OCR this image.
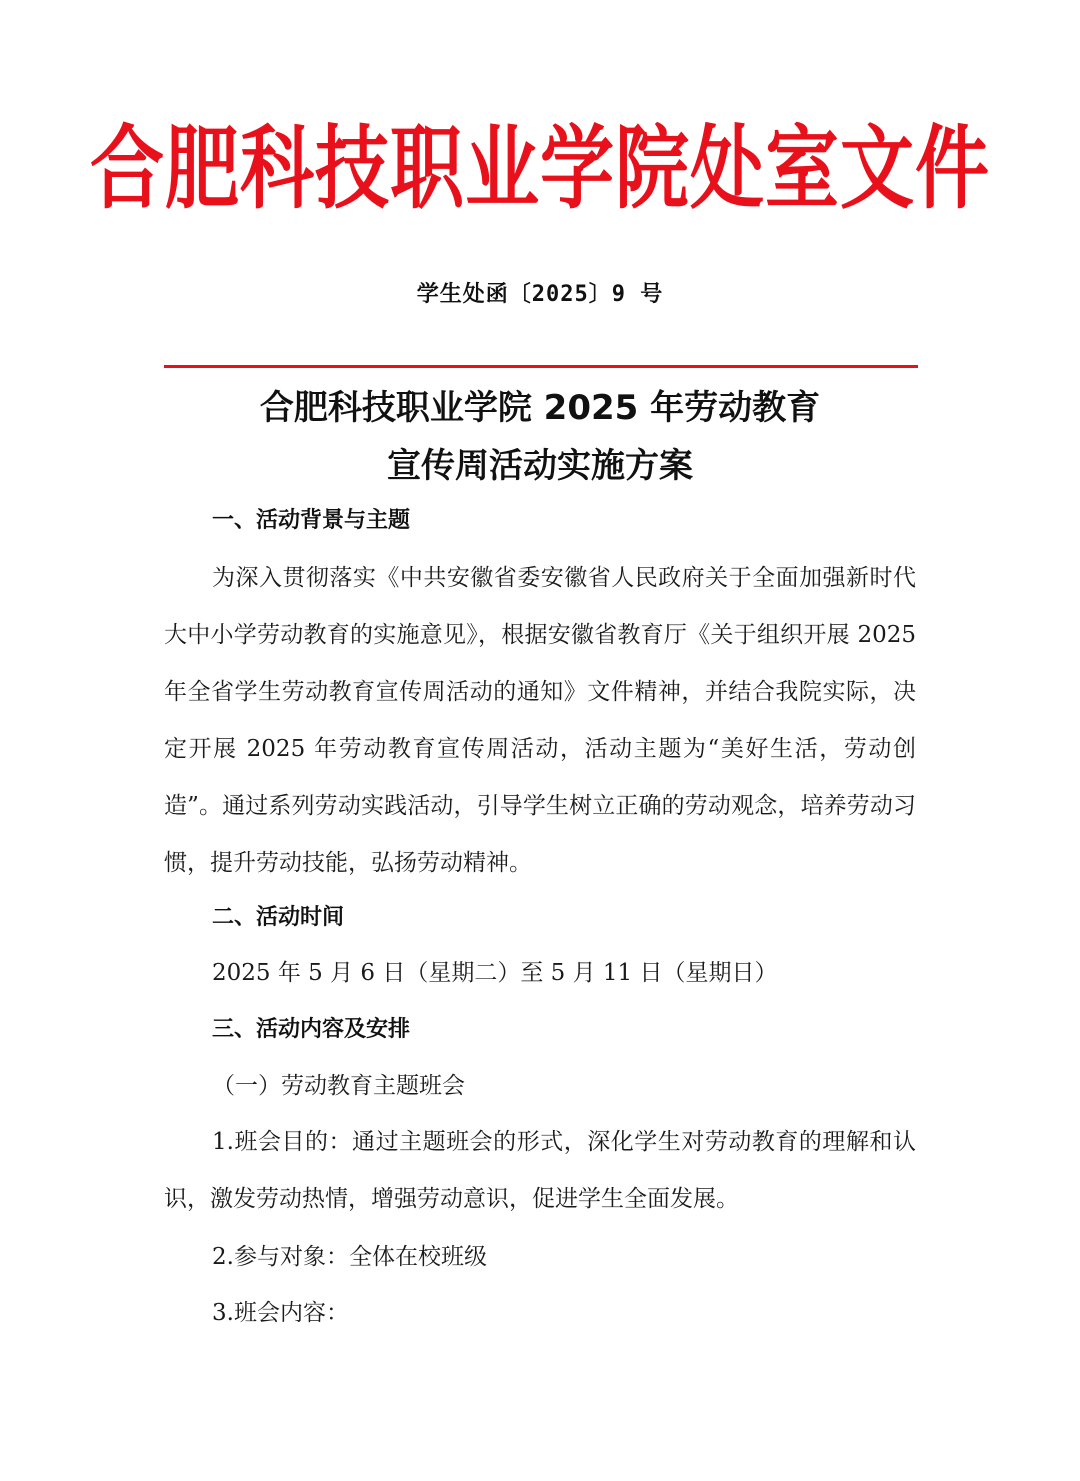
合肥科技职业学院处室文件
学生处函〔2025〕9 号
合肥科技职业学院 2025 年劳动教育
宣传周活动实施方案
一、活动背景与主题
为深入贯彻落实《中共安徽省委安徽省人民政府关于全面加强新时代大中小学劳动教育的实施意见》，根据安徽省教育厅《关于组织开展 2025 年全省学生劳动教育宣传周活动的通知》文件精神，并结合我院实际，决定开展 2025 年劳动教育宣传周活动，活动主题为“美好生活，劳动创造”。通过系列劳动实践活动，引导学生树立正确的劳动观念，培养劳动习惯，提升劳动技能，弘扬劳动精神。
二、活动时间
2025 年 5 月 6 日（星期二）至 5 月 11 日（星期日）
三、活动内容及安排
（一）劳动教育主题班会
1.班会目的：通过主题班会的形式，深化学生对劳动教育的理解和认识，激发劳动热情，增强劳动意识，促进学生全面发展。
2.参与对象：全体在校班级
3.班会内容：
